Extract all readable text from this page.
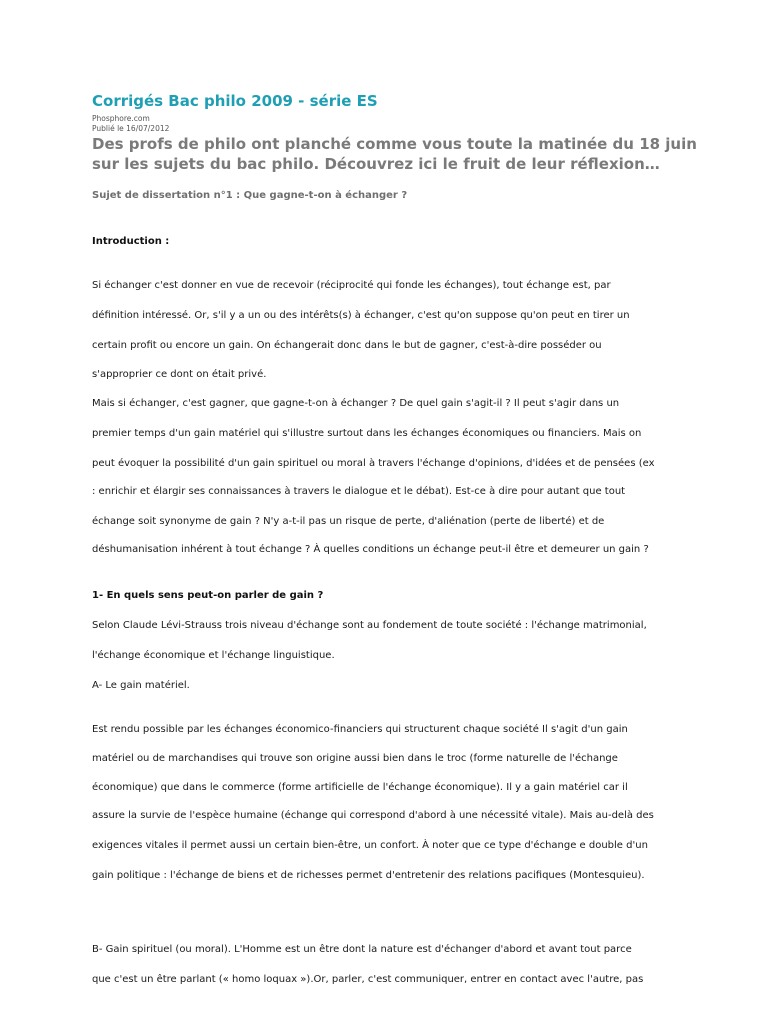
Corrigés Bac philo 2009 - série ES
Phosphore.com
Publié le 16/07/2012
Des profs de philo ont planché comme vous toute la matinée du 18 juin
sur les sujets du bac philo. Découvrez ici le fruit de leur réflexion…
Sujet de dissertation n°1 : Que gagne-t-on à échanger ?
Introduction :
Si échanger c'est donner en vue de recevoir (réciprocité qui fonde les échanges), tout échange est, par
définition intéressé. Or, s'il y a un ou des intérêts(s) à échanger, c'est qu'on suppose qu'on peut en tirer un
certain profit ou encore un gain. On échangerait donc dans le but de gagner, c'est-à-dire posséder ou
s'approprier ce dont on était privé.
Mais si échanger, c'est gagner, que gagne-t-on à échanger ? De quel gain s'agit-il ? Il peut s'agir dans un
premier temps d'un gain matériel qui s'illustre surtout dans les échanges économiques ou financiers. Mais on
peut évoquer la possibilité d'un gain spirituel ou moral à travers l'échange d'opinions, d'idées et de pensées (ex
: enrichir et élargir ses connaissances à travers le dialogue et le débat). Est-ce à dire pour autant que tout
échange soit synonyme de gain ? N'y a-t-il pas un risque de perte, d'aliénation (perte de liberté) et de
déshumanisation inhérent à tout échange ? À quelles conditions un échange peut-il être et demeurer un gain ?
1- En quels sens peut-on parler de gain ?
Selon Claude Lévi-Strauss trois niveau d'échange sont au fondement de toute société : l'échange matrimonial,
l'échange économique et l'échange linguistique.
A- Le gain matériel.
Est rendu possible par les échanges économico-financiers qui structurent chaque société Il s'agit d'un gain
matériel ou de marchandises qui trouve son origine aussi bien dans le troc (forme naturelle de l'échange
économique) que dans le commerce (forme artificielle de l'échange économique). Il y a gain matériel car il
assure la survie de l'espèce humaine (échange qui correspond d'abord à une nécessité vitale). Mais au-delà des
exigences vitales il permet aussi un certain bien-être, un confort. À noter que ce type d'échange e double d'un
gain politique : l'échange de biens et de richesses permet d'entretenir des relations pacifiques (Montesquieu).
B- Gain spirituel (ou moral). L'Homme est un être dont la nature est d'échanger d'abord et avant tout parce
que c'est un être parlant (« homo loquax »).Or, parler, c'est communiquer, entrer en contact avec l'autre, pas
